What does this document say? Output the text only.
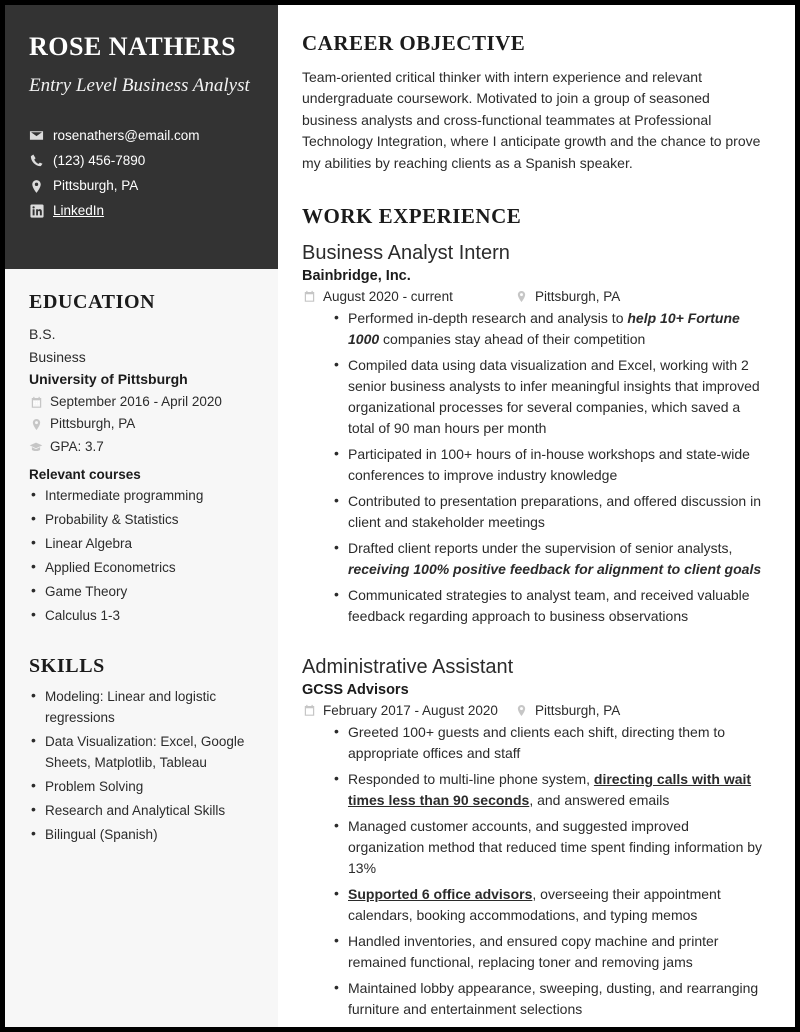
ROSE NATHERS
Entry Level Business Analyst
rosenathers@email.com
(123) 456-7890
Pittsburgh, PA
LinkedIn
EDUCATION
B.S.
Business
University of Pittsburgh
September 2016 - April 2020
Pittsburgh, PA
GPA: 3.7
Relevant courses
• Intermediate programming
• Probability & Statistics
• Linear Algebra
• Applied Econometrics
• Game Theory
• Calculus 1-3
SKILLS
• Modeling: Linear and logistic regressions
• Data Visualization: Excel, Google Sheets, Matplotlib, Tableau
• Problem Solving
• Research and Analytical Skills
• Bilingual (Spanish)
CAREER OBJECTIVE

Team-oriented critical thinker with intern experience and relevant undergraduate coursework. Motivated to join a group of seasoned business analysts and cross-functional teammates at Professional Technology Integration, where I anticipate growth and the chance to prove my abilities by reaching clients as a Spanish speaker.

WORK EXPERIENCE
Business Analyst Intern
Bainbridge, Inc.
August 2020 - current	Pittsburgh, PA
• Performed in-depth research and analysis to help 10+ Fortune 1000 companies stay ahead of their competition
• Compiled data using data visualization and Excel, working with 2 senior business analysts to infer meaningful insights that improved organizational processes for several companies, which saved a total of 90 man hours per month
• Participated in 100+ hours of in-house workshops and state-wide conferences to improve industry knowledge
• Contributed to presentation preparations, and offered discussion in client and stakeholder meetings
• Drafted client reports under the supervision of senior analysts, receiving 100% positive feedback for alignment to client goals
• Communicated strategies to analyst team, and received valuable feedback regarding approach to business observations
Administrative Assistant
GCSS Advisors
February 2017 - August 2020	Pittsburgh, PA
• Greeted 100+ guests and clients each shift, directing them to appropriate offices and staff
• Responded to multi-line phone system, directing calls with wait times less than 90 seconds, and answered emails
• Managed customer accounts, and suggested improved organization method that reduced time spent finding information by 13%
• Supported 6 office advisors, overseeing their appointment calendars, booking accommodations, and typing memos
• Handled inventories, and ensured copy machine and printer remained functional, replacing toner and removing jams
• Maintained lobby appearance, sweeping, dusting, and rearranging furniture and entertainment selections
